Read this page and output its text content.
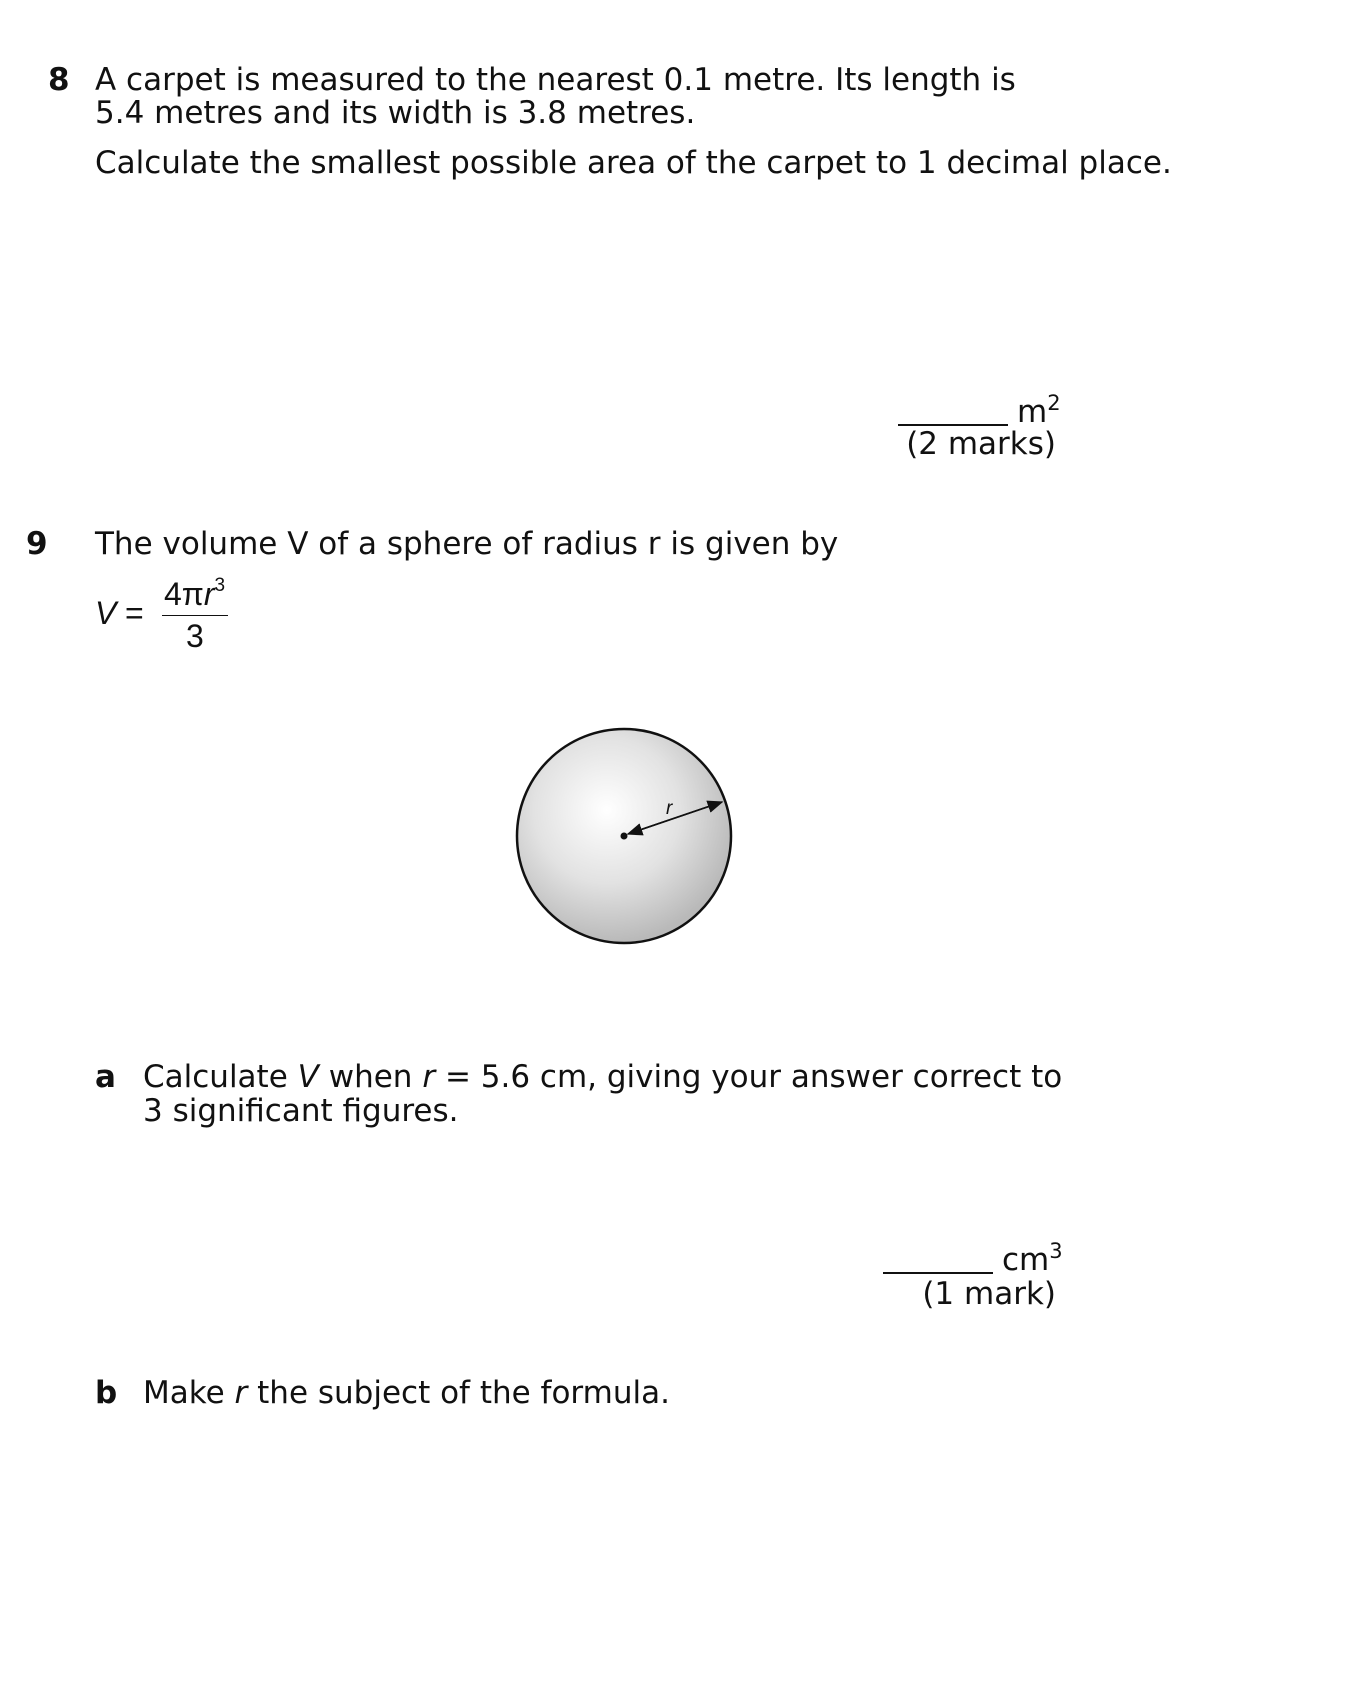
8 A carpet is measured to the nearest 0.1 metre. Its length is
5.4 metres and its width is 3.8 metres.
Calculate the smallest possible area of the carpet to 1 decimal place.
$m^2$
(2 marks)
9 The volume V of a sphere of radius r is given by
V =
$4\pi r^3$
3
r
a Calculate V when r = 5.6 cm, giving your answer correct to
3 significant figures.
$cm^3$
(1 mark)
b Make r the subject of the formula.
